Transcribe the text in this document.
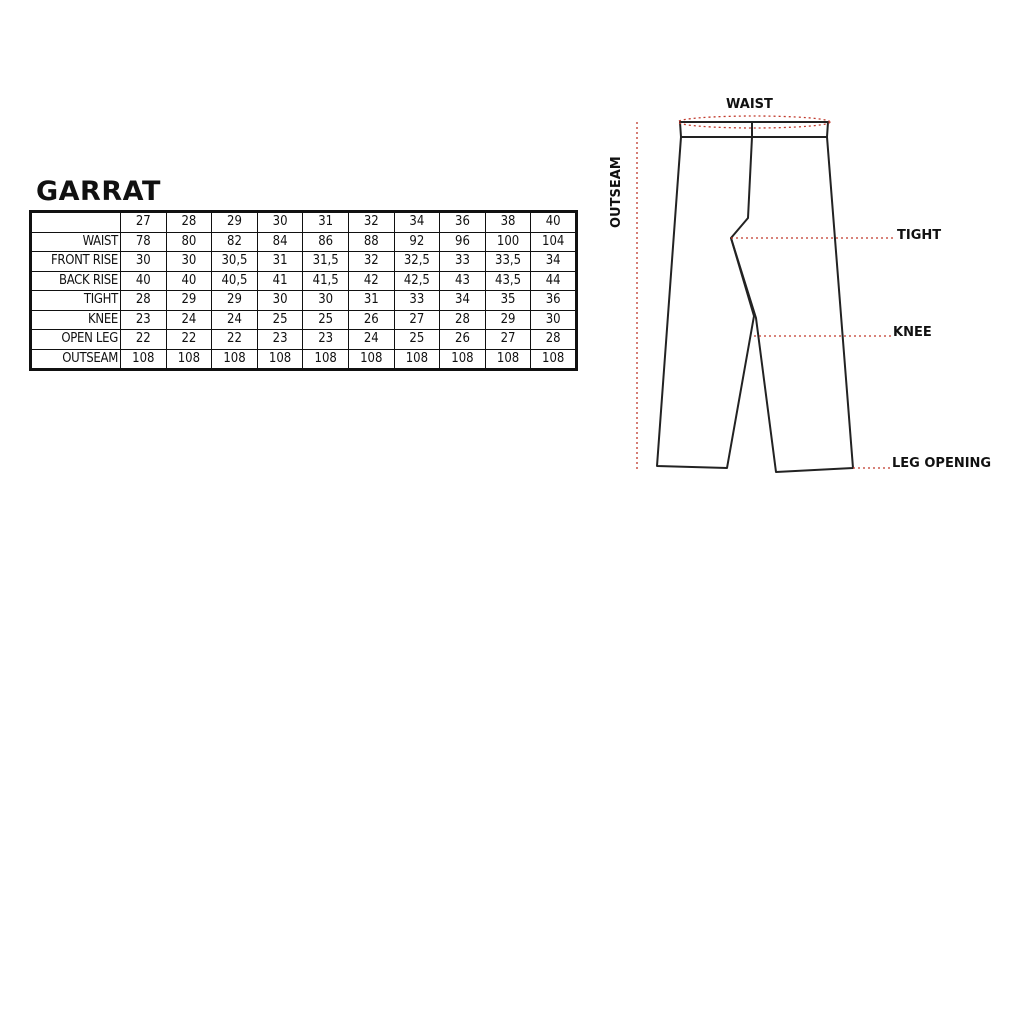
GARRAT
	27	28	29	30	31	32	34	36	38	40
WAIST	78	80	82	84	86	88	92	96	100	104
FRONT RISE	30	30	30,5	31	31,5	32	32,5	33	33,5	34
BACK RISE	40	40	40,5	41	41,5	42	42,5	43	43,5	44
TIGHT	28	29	29	30	30	31	33	34	35	36
KNEE	23	24	24	25	25	26	27	28	29	30
OPEN LEG	22	22	22	23	23	24	25	26	27	28
OUTSEAM	108	108	108	108	108	108	108	108	108	108
WAIST
OUTSEAM
TIGHT
KNEE
LEG OPENING
